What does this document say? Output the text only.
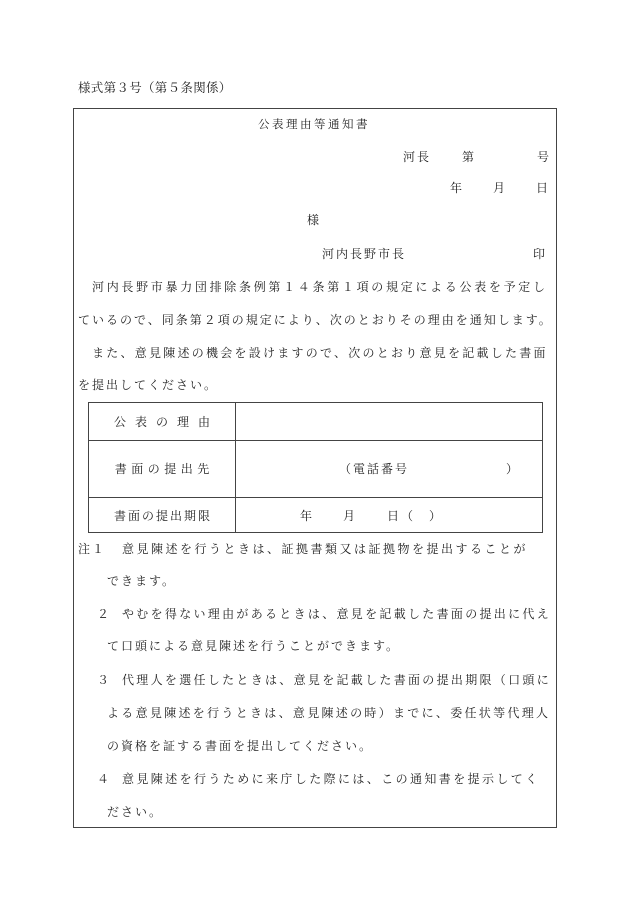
様式第３号（第５条関係）
公表理由等通知書
河長	第	号
年	月	日
様
河内長野市長	印
河内長野市暴力団排除条例第１４条第１項の規定による公表を予定し
ているので、同条第２項の規定により、次のとおりその理由を通知します。
また、意見陳述の機会を設けますので、次のとおり意見を記載した書面
を提出してください。
公表の理由
書面の提出先	（電話番号	）
書面の提出期限	年	月	日（　）
注１ 意見陳述を行うときは、証拠書類又は証拠物を提出することが
できます。
２ やむを得ない理由があるときは、意見を記載した書面の提出に代え
て口頭による意見陳述を行うことができます。
３ 代理人を選任したときは、意見を記載した書面の提出期限（口頭に
よる意見陳述を行うときは、意見陳述の時）までに、委任状等代理人
の資格を証する書面を提出してください。
４ 意見陳述を行うために来庁した際には、この通知書を提示してく
ださい。
